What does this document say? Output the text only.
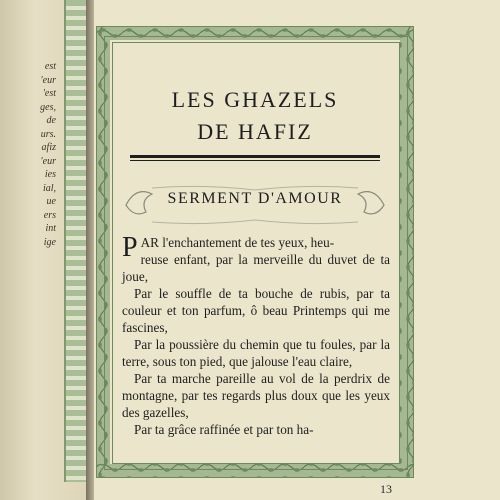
est
'eur
'est
ges,
de
urs.
afiz
'eur
ies
ial,
ue
ers
int
ige
LES GHAZELS
DE HAFIZ
SERMENT D'AMOUR

PAR l'enchantement de tes yeux, heu-

reuse enfant, par la merveille du duvet de ta joue,

Par le souffle de ta bouche de rubis, par ta couleur et ton parfum, ô beau Printemps qui me fascines,

Par la poussière du chemin que tu foules, par la terre, sous ton pied, que jalouse l'eau claire,

Par ta marche pareille au vol de la perdrix de montagne, par tes regards plus doux que les yeux des gazelles,

Par ta grâce raffinée et par ton ha-

13
